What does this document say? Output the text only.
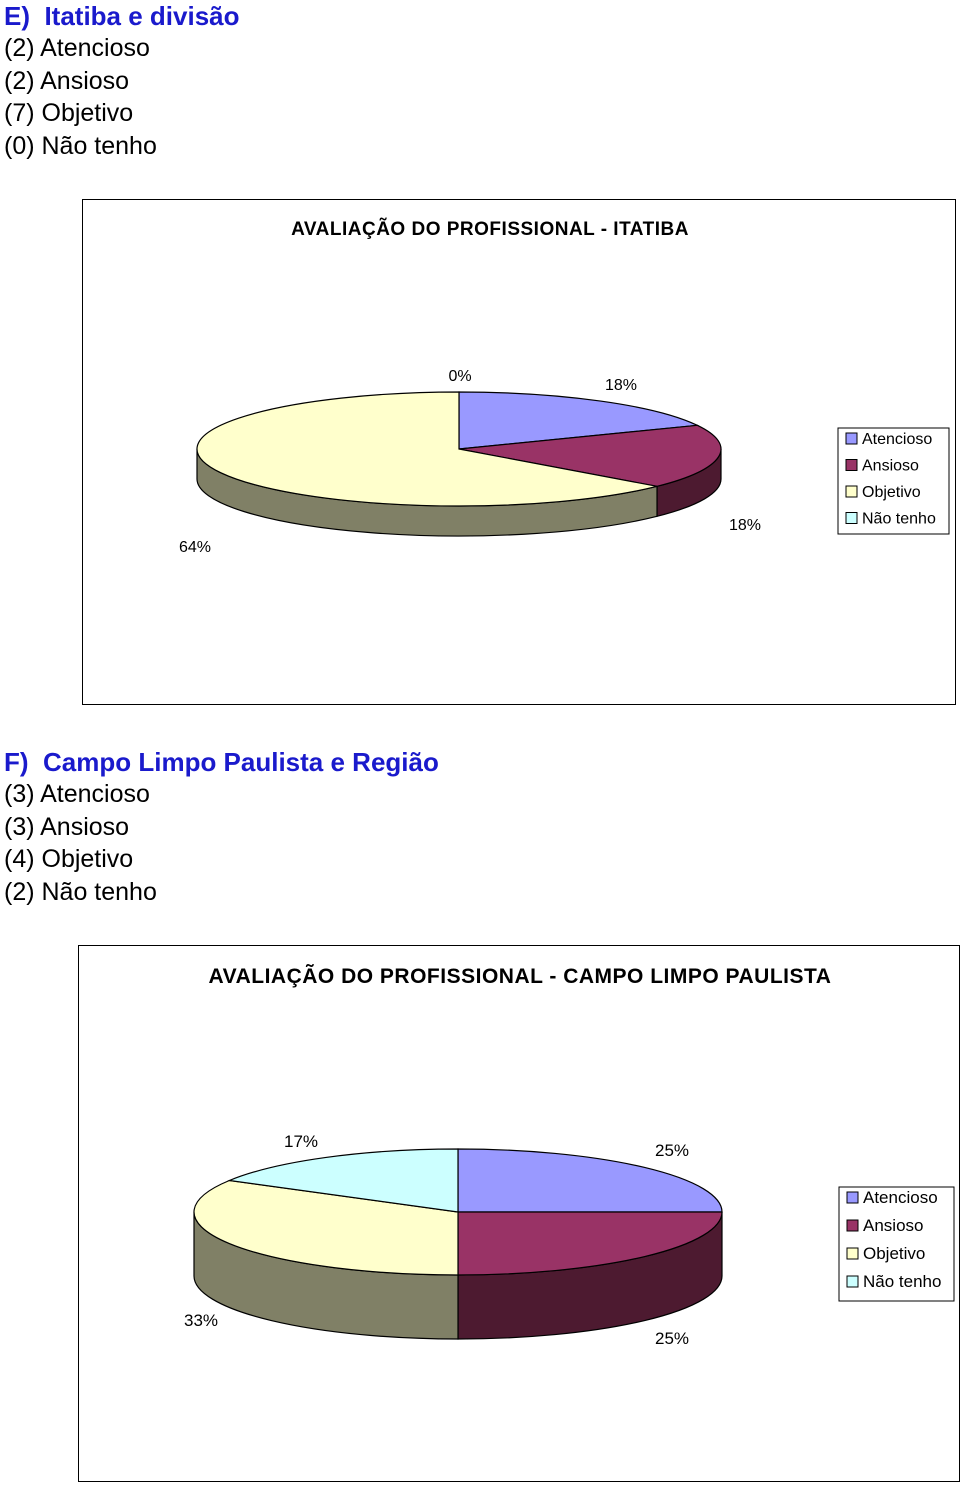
E) Itatiba e divisão

(2) Atencioso

(2) Ansioso

(7) Objetivo

(0) Não tenho

AVALIAÇÃO DO PROFISSIONAL - ITATIBA
18%
18%
64%
0%
Atencioso
Ansioso
Objetivo
Não tenho

F) Campo Limpo Paulista e Região

(3) Atencioso

(3) Ansioso

(4) Objetivo

(2) Não tenho

AVALIAÇÃO DO PROFISSIONAL - CAMPO LIMPO PAULISTA
25%
25%
33%
17%
Atencioso
Ansioso
Objetivo
Não tenho
